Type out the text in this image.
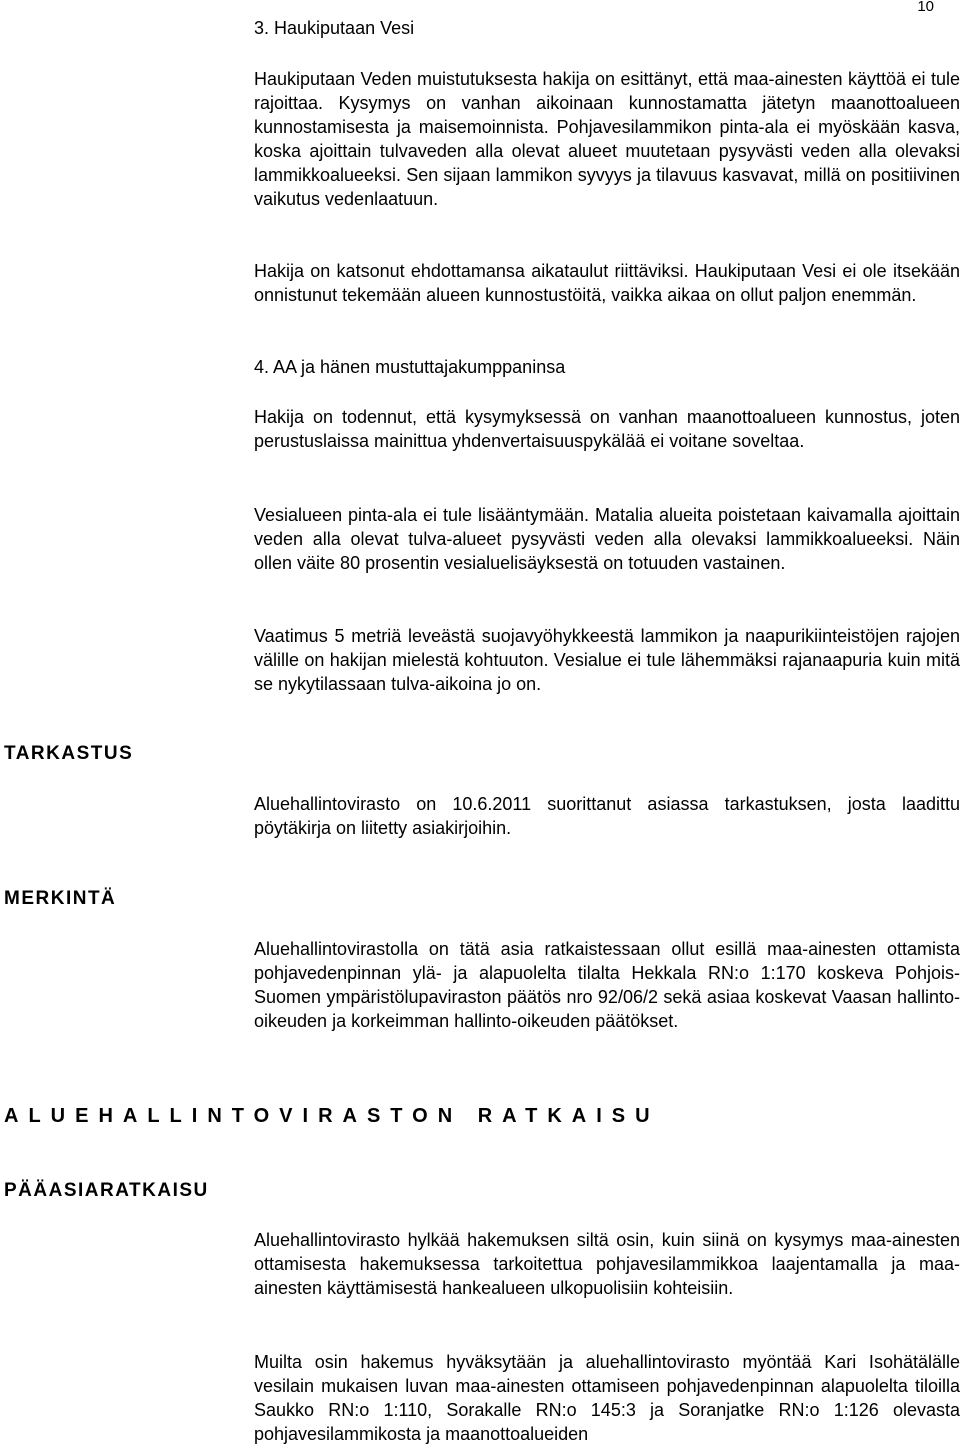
10
3. Haukiputaan Vesi

Haukiputaan Veden muistutuksesta hakija on esittänyt, että maa-ainesten käyttöä ei tule rajoittaa. Kysymys on vanhan aikoinaan kunnostamatta jätetyn maanottoalueen kunnostamisesta ja maisemoinnista. Pohjavesilammikon pinta-ala ei myöskään kasva, koska ajoittain tulvaveden alla olevat alueet muutetaan pysyvästi veden alla olevaksi lammikkoalueeksi. Sen sijaan lammikon syvyys ja tilavuus kasvavat, millä on positiivinen vaikutus vedenlaatuun.

Hakija on katsonut ehdottamansa aikataulut riittäviksi. Haukiputaan Vesi ei ole itsekään onnistunut tekemään alueen kunnostustöitä, vaikka aikaa on ollut paljon enemmän.

4. AA ja hänen mustuttajakumppaninsa

Hakija on todennut, että kysymyksessä on vanhan maanottoalueen kunnostus, joten perustuslaissa mainittua yhdenvertaisuuspykälää ei voitane soveltaa.

Vesialueen pinta-ala ei tule lisääntymään. Matalia alueita poistetaan kaivamalla ajoittain veden alla olevat tulva-alueet pysyvästi veden alla olevaksi lammikkoalueeksi. Näin ollen väite 80 prosentin vesialuelisäyksestä on totuuden vastainen.

Vaatimus 5 metriä leveästä suojavyöhykkeestä lammikon ja naapurikiinteistöjen rajojen välille on hakijan mielestä kohtuuton. Vesialue ei tule lähemmäksi rajanaapuria kuin mitä se nykytilassaan tulva-aikoina jo on.

TARKASTUS

Aluehallintovirasto on 10.6.2011 suorittanut asiassa tarkastuksen, josta laadittu pöytäkirja on liitetty asiakirjoihin.

MERKINTÄ

Aluehallintovirastolla on tätä asia ratkaistessaan ollut esillä maa-ainesten ottamista pohjavedenpinnan ylä- ja alapuolelta tilalta Hekkala RN:o 1:170 koskeva Pohjois-Suomen ympäristölupaviraston päätös nro 92/06/2 sekä asiaa koskevat Vaasan hallinto-oikeuden ja korkeimman hallinto-oikeuden päätökset.

ALUEHALLINTOVIRASTON RATKAISU
PÄÄASIARATKAISU

Aluehallintovirasto hylkää hakemuksen siltä osin, kuin siinä on kysymys maa-ainesten ottamisesta hakemuksessa tarkoitettua pohjavesilammikkoa laajentamalla ja maa-ainesten käyttämisestä hankealueen ulkopuolisiin kohteisiin.

Muilta osin hakemus hyväksytään ja aluehallintovirasto myöntää Kari Isohätälälle vesilain mukaisen luvan maa-ainesten ottamiseen pohjavedenpinnan alapuolelta tiloilla Saukko RN:o 1:110, Sorakalle RN:o 145:3 ja Soranjatke RN:o 1:126 olevasta pohjavesilammikosta ja maanottoalueiden
